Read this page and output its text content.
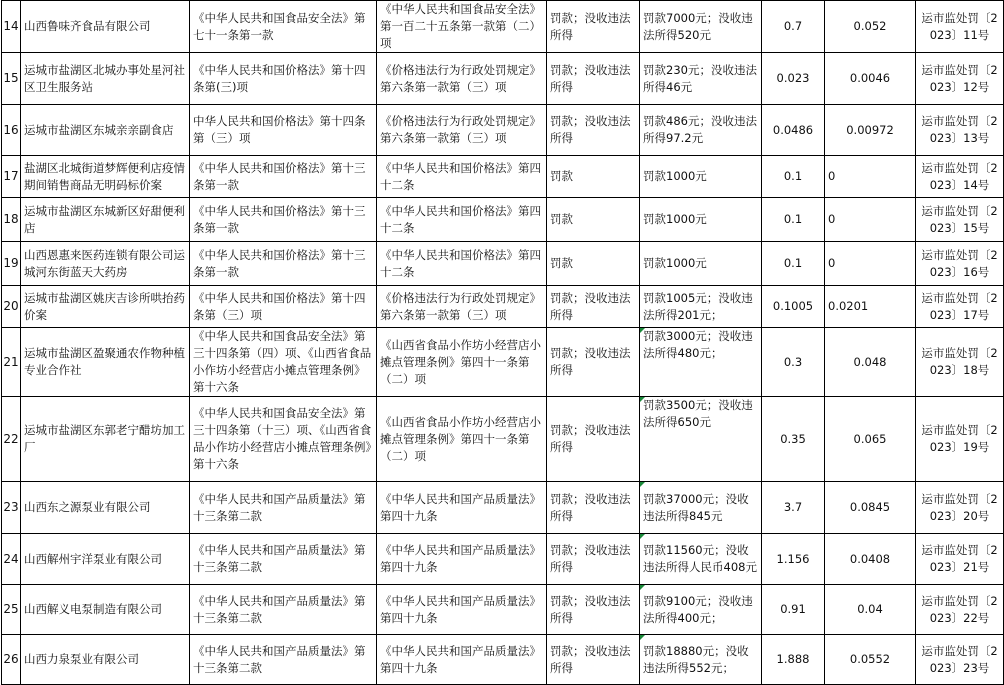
14	山西鲁味齐食品有限公司	《中华人民共和国食品安全法》第七十一条第一款	《中华人民共和国食品安全法》第一百二十五条第一款第（二）项	罚款；没收违法所得	罚款7000元；没收违法所得520元	0.7	0.052	运市监处罚〔2023〕11号
15	运城市盐湖区北城办事处星河社区卫生服务站	《中华人民共和国价格法》第十四条第(三)项	《价格违法行为行政处罚规定》第六条第一款第（三）项	罚款；没收违法所得	罚款230元；没收违法所得46元	0.023	0.0046	运市监处罚〔2023〕12号
16	运城市盐湖区东城亲亲副食店	中华人民共和国价格法》第十四条第（三）项	《价格违法行为行政处罚规定》第六条第一款第（三）项	罚款；没收违法所得	罚款486元；没收违法所得97.2元	0.0486	0.00972	运市监处罚〔2023〕13号
17	盐湖区北城街道梦辉便利店疫情期间销售商品无明码标价案	《中华人民共和国价格法》第十三条第一款	《中华人民共和国价格法》第四十二条	罚款	罚款1000元	0.1	0	运市监处罚〔2023〕14号
18	运城市盐湖区东城新区好甜便利店	《中华人民共和国价格法》第十三条第一款	《中华人民共和国价格法》第四十二条	罚款	罚款1000元	0.1	0	运市监处罚〔2023〕15号
19	山西恩惠来医药连锁有限公司运城河东街蓝天大药房	《中华人民共和国价格法》第十三条第一款	《中华人民共和国价格法》第四十二条	罚款	罚款1000元	0.1	0	运市监处罚〔2023〕16号
20	运城市盐湖区姚庆吉诊所哄抬药价案	《中华人民共和国价格法》第十四条第（三）项	《价格违法行为行政处罚规定》第六条第一款第（三）项	罚款；没收违法所得	罚款1005元；没收违法所得201元；	0.1005	0.0201	运市监处罚〔2023〕17号
21	运城市盐湖区盈聚通农作物种植专业合作社	《中华人民共和国食品安全法》第三十四条第（四）项、《山西省食品小作坊小经营店小摊点管理条例》第十六条	《山西省食品小作坊小经营店小摊点管理条例》第四十一条第（二）项	罚款；没收违法所得	罚款3000元；没收违法所得480元；	0.3	0.048	运市监处罚〔2023〕18号
22	运城市盐湖区东郭老宁醋坊加工厂	《中华人民共和国食品安全法》第三十四条第（十三）项、《山西省食品小作坊小经营店小摊点管理条例》第十六条	《山西省食品小作坊小经营店小摊点管理条例》第四十一条第（二）项	罚款；没收违法所得	罚款3500元；没收违法所得650元	0.35	0.065	运市监处罚〔2023〕19号
23	山西东之源泵业有限公司	《中华人民共和国产品质量法》第十三条第二款	《中华人民共和国产品质量法》第四十九条	罚款；没收违法所得	罚款37000元；没收违法所得845元	3.7	0.0845	运市监处罚〔2023〕20号
24	山西解州宇洋泵业有限公司	《中华人民共和国产品质量法》第十三条第二款	《中华人民共和国产品质量法》第四十九条	罚款；没收违法所得	罚款11560元；没收违法所得人民币408元	1.156	0.0408	运市监处罚〔2023〕21号
25	山西解义电泵制造有限公司	《中华人民共和国产品质量法》第十三条第二款	《中华人民共和国产品质量法》第四十九条	罚款；没收违法所得	罚款9100元；没收违法所得400元；	0.91	0.04	运市监处罚〔2023〕22号
26	山西力泉泵业有限公司	《中华人民共和国产品质量法》第十三条第二款	《中华人民共和国产品质量法》第四十九条	罚款；没收违法所得	罚款18880元；没收违法所得552元；	1.888	0.0552	运市监处罚〔2023〕23号
